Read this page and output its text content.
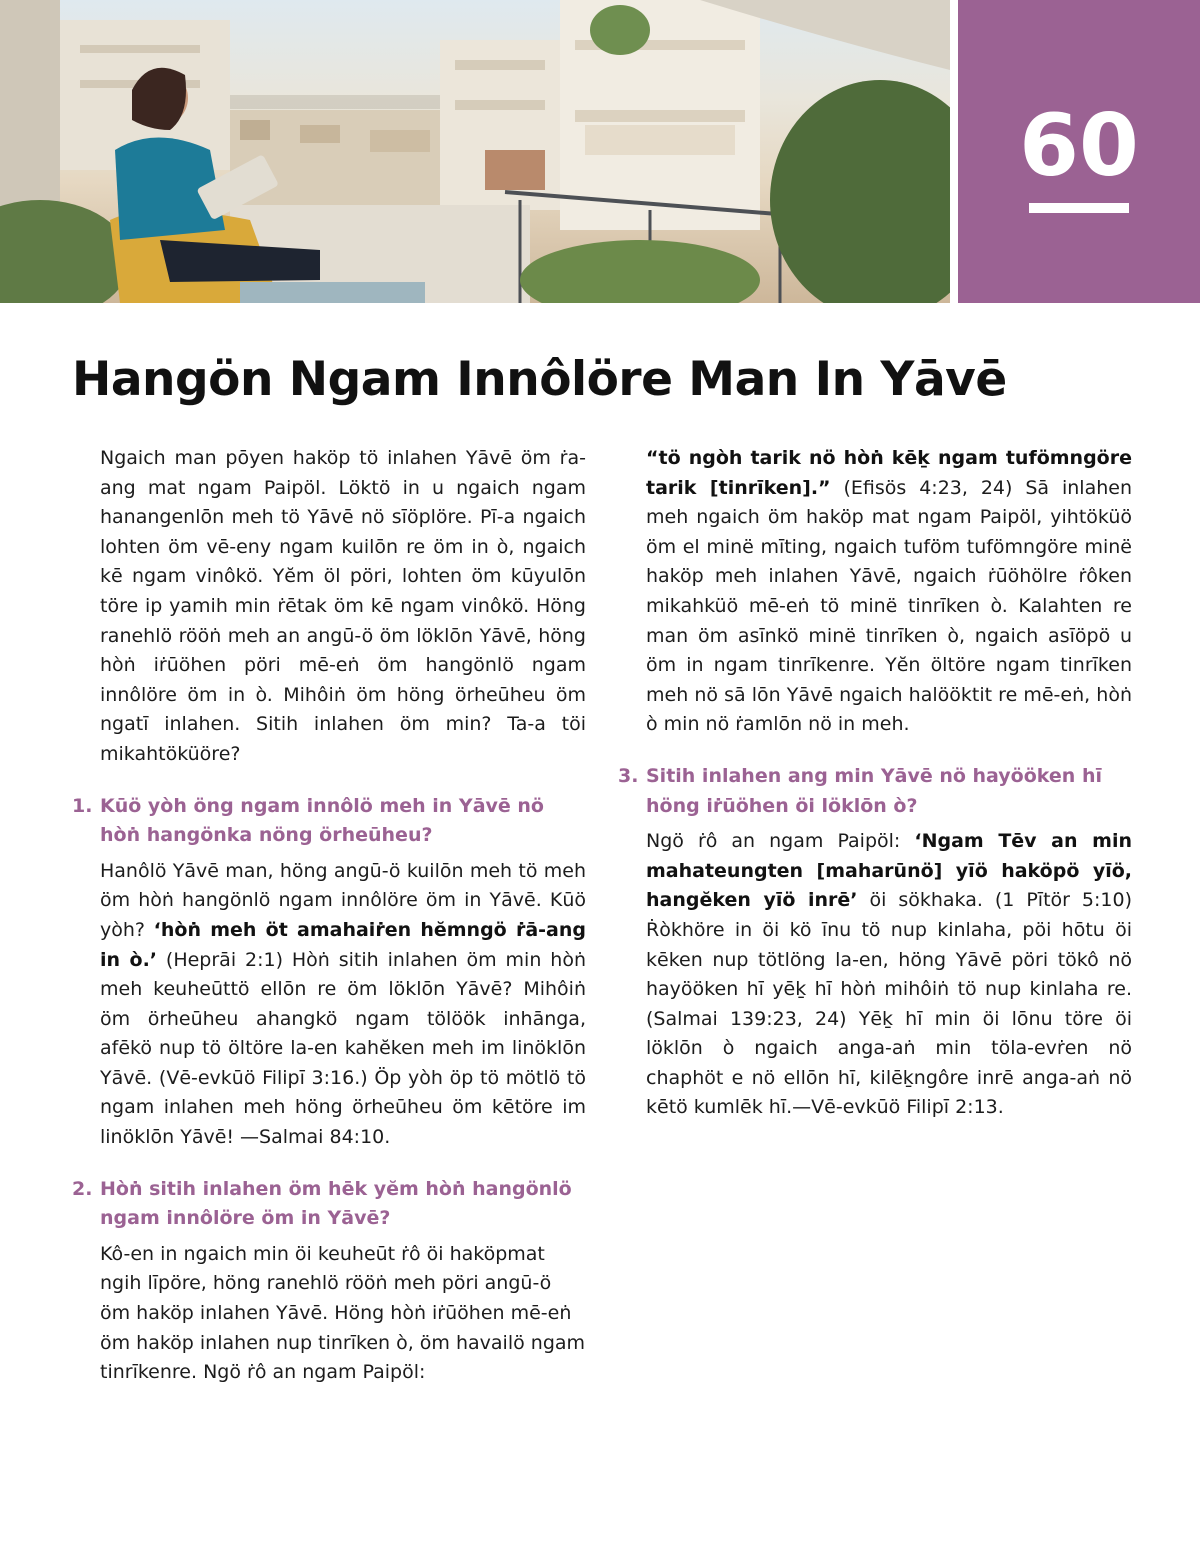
60
Hangön Ngam Innôlöre Man In Yāvē

Ngaich man pōyen haköp tö inlahen Yāvē öm ṙa-ang mat ngam Paipöl. Löktö in u ngaich ngam hanangenlōn meh tö Yāvē nö sīöplöre. Pī-a ngaich lohten öm vē-eny ngam kuilōn re öm in ò, ngaich kē ngam vinôkö. Yĕm öl pöri, lohten öm kūyulōn töre ip yamih min ṙētak öm kē ngam vinôkö. Höng ranehlö rööṅ meh an angū-ö öm löklōn Yāvē, höng hòṅ iṙūöhen pöri mē-eṅ öm hangönlö ngam innôlöre öm in ò. Mihôiṅ öm höng örheūheu öm ngatī inlahen. Sitih inlahen öm min? Ta-a töi mikahtöküöre?

1. Kūö yòh öng ngam innôlö meh in Yāvē nö hòṅ hangönka nöng örheūheu?

Hanôlö Yāvē man, höng angū-ö kuilōn meh tö meh öm hòṅ hangönlö ngam innôlöre öm in Yāvē. Kūö yòh? ‘hòṅ meh öt amahaiṙen hĕmngö ṙā-ang in ò.’ (Heprāi 2:1) Hòṅ sitih inlahen öm min hòṅ meh keuheūttö ellōn re öm löklōn Yāvē? Mihôiṅ öm örheūheu ahangkö ngam tölöök inhānga, afēkö nup tö öltöre la-en kahĕken meh im linöklōn Yāvē. (Vē-evkūö Filipī 3:16.) Öp yòh öp tö mötlö tö ngam inlahen meh höng örheūheu öm kētöre im linöklōn Yāvē! —Salmai 84:10.

2. Hòṅ sitih inlahen öm hēk yĕm hòṅ hangönlö ngam innôlöre öm in Yāvē?

Kô-en in ngaich min öi keuheūt ṙô öi haköpmat ngih līpöre, höng ranehlö rööṅ meh pöri angū-ö öm haköp inlahen Yāvē. Höng hòṅ iṙūöhen mē-eṅ öm haköp inlahen nup tinrīken ò, öm havailö ngam tinrīkenre. Ngö ṙô an ngam Paipöl:

“tö ngòh tarik nö hòṅ kēḵ ngam tufömngöre tarik [tinrīken].” (Efisös 4:23, 24) Sā inlahen meh ngaich öm haköp mat ngam Paipöl, yihtöküö öm el minë mīting, ngaich tuföm tufömngöre minë haköp meh inlahen Yāvē, ngaich ṙūöhölre ṙôken mikahküö mē-eṅ tö minë tinrīken ò. Kalahten re man öm asīnkö minë tinrīken ò, ngaich asīöpö u öm in ngam tinrīkenre. Yĕn öltöre ngam tinrīken meh nö sā lōn Yāvē ngaich halööktit re mē-eṅ, hòṅ ò min nö ṙamlōn nö in meh.

3. Sitih inlahen ang min Yāvē nö hayööken hī höng iṙūöhen öi löklōn ò?

Ngö ṙô an ngam Paipöl: ‘Ngam Tēv an min mahateungten [maharūnö] yīö haköpö yīö, hangĕken yīö inrē’ öi sökhaka. (1 Pītör 5:10) Ṙòkhöre in öi kö īnu tö nup kinlaha, pöi hōtu öi kēken nup tötlöng la-en, höng Yāvē pöri tökô nö hayööken hī yēḵ hī hòṅ mihôiṅ tö nup kinlaha re. (Salmai 139:23, 24) Yēḵ hī min öi lōnu töre öi löklōn ò ngaich anga-aṅ min töla-evṙen nö chaphöt e nö ellōn hī, kilēḵngôre inrē anga-aṅ nö kētö kumlēk hī.—Vē-evkūö Filipī 2:13.
